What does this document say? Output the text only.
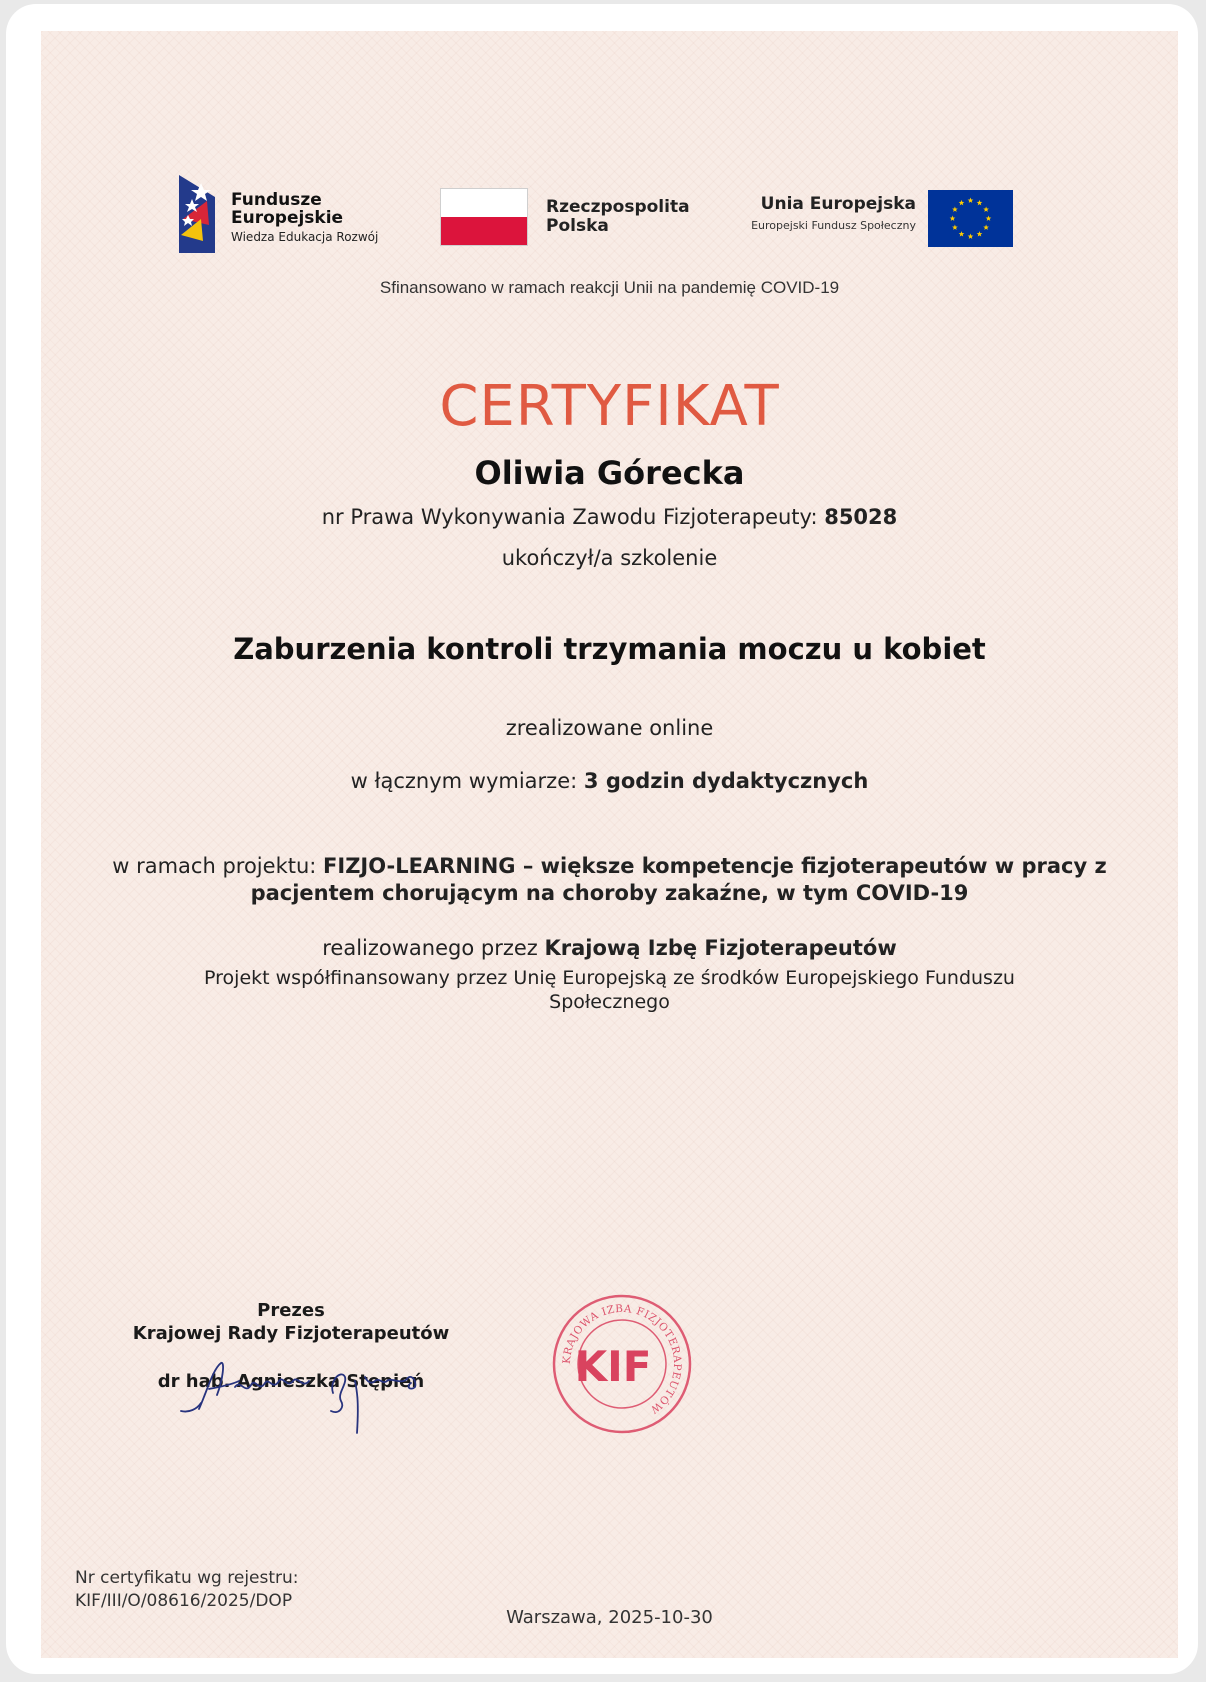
Fundusze
Europejskie
Wiedza Edukacja Rozwój
Rzeczpospolita
Polska
Unia Europejska
Europejski Fundusz Społeczny
Sfinansowano w ramach reakcji Unii na pandemię COVID-19
CERTYFIKAT
Oliwia Górecka
nr Prawa Wykonywania Zawodu Fizjoterapeuty: 85028
ukończył/a szkolenie
Zaburzenia kontroli trzymania moczu u kobiet
zrealizowane online
w łącznym wymiarze: 3 godzin dydaktycznych
w ramach projektu: FIZJO-LEARNING – większe kompetencje fizjoterapeutów w pracy z pacjentem chorującym na choroby zakaźne, w tym COVID-19
realizowanego przez Krajową Izbę Fizjoterapeutów
Projekt współfinansowany przez Unię Europejską ze środków Europejskiego Funduszu
Społecznego
Prezes
Krajowej Rady Fizjoterapeutów
dr hab. Agnieszka Stępień
KRAJOWA IZBA FIZJOTERAPEUTÓW
KIF
Nr certyfikatu wg rejestru:
KIF/III/O/08616/2025/DOP
Warszawa, 2025-10-30
